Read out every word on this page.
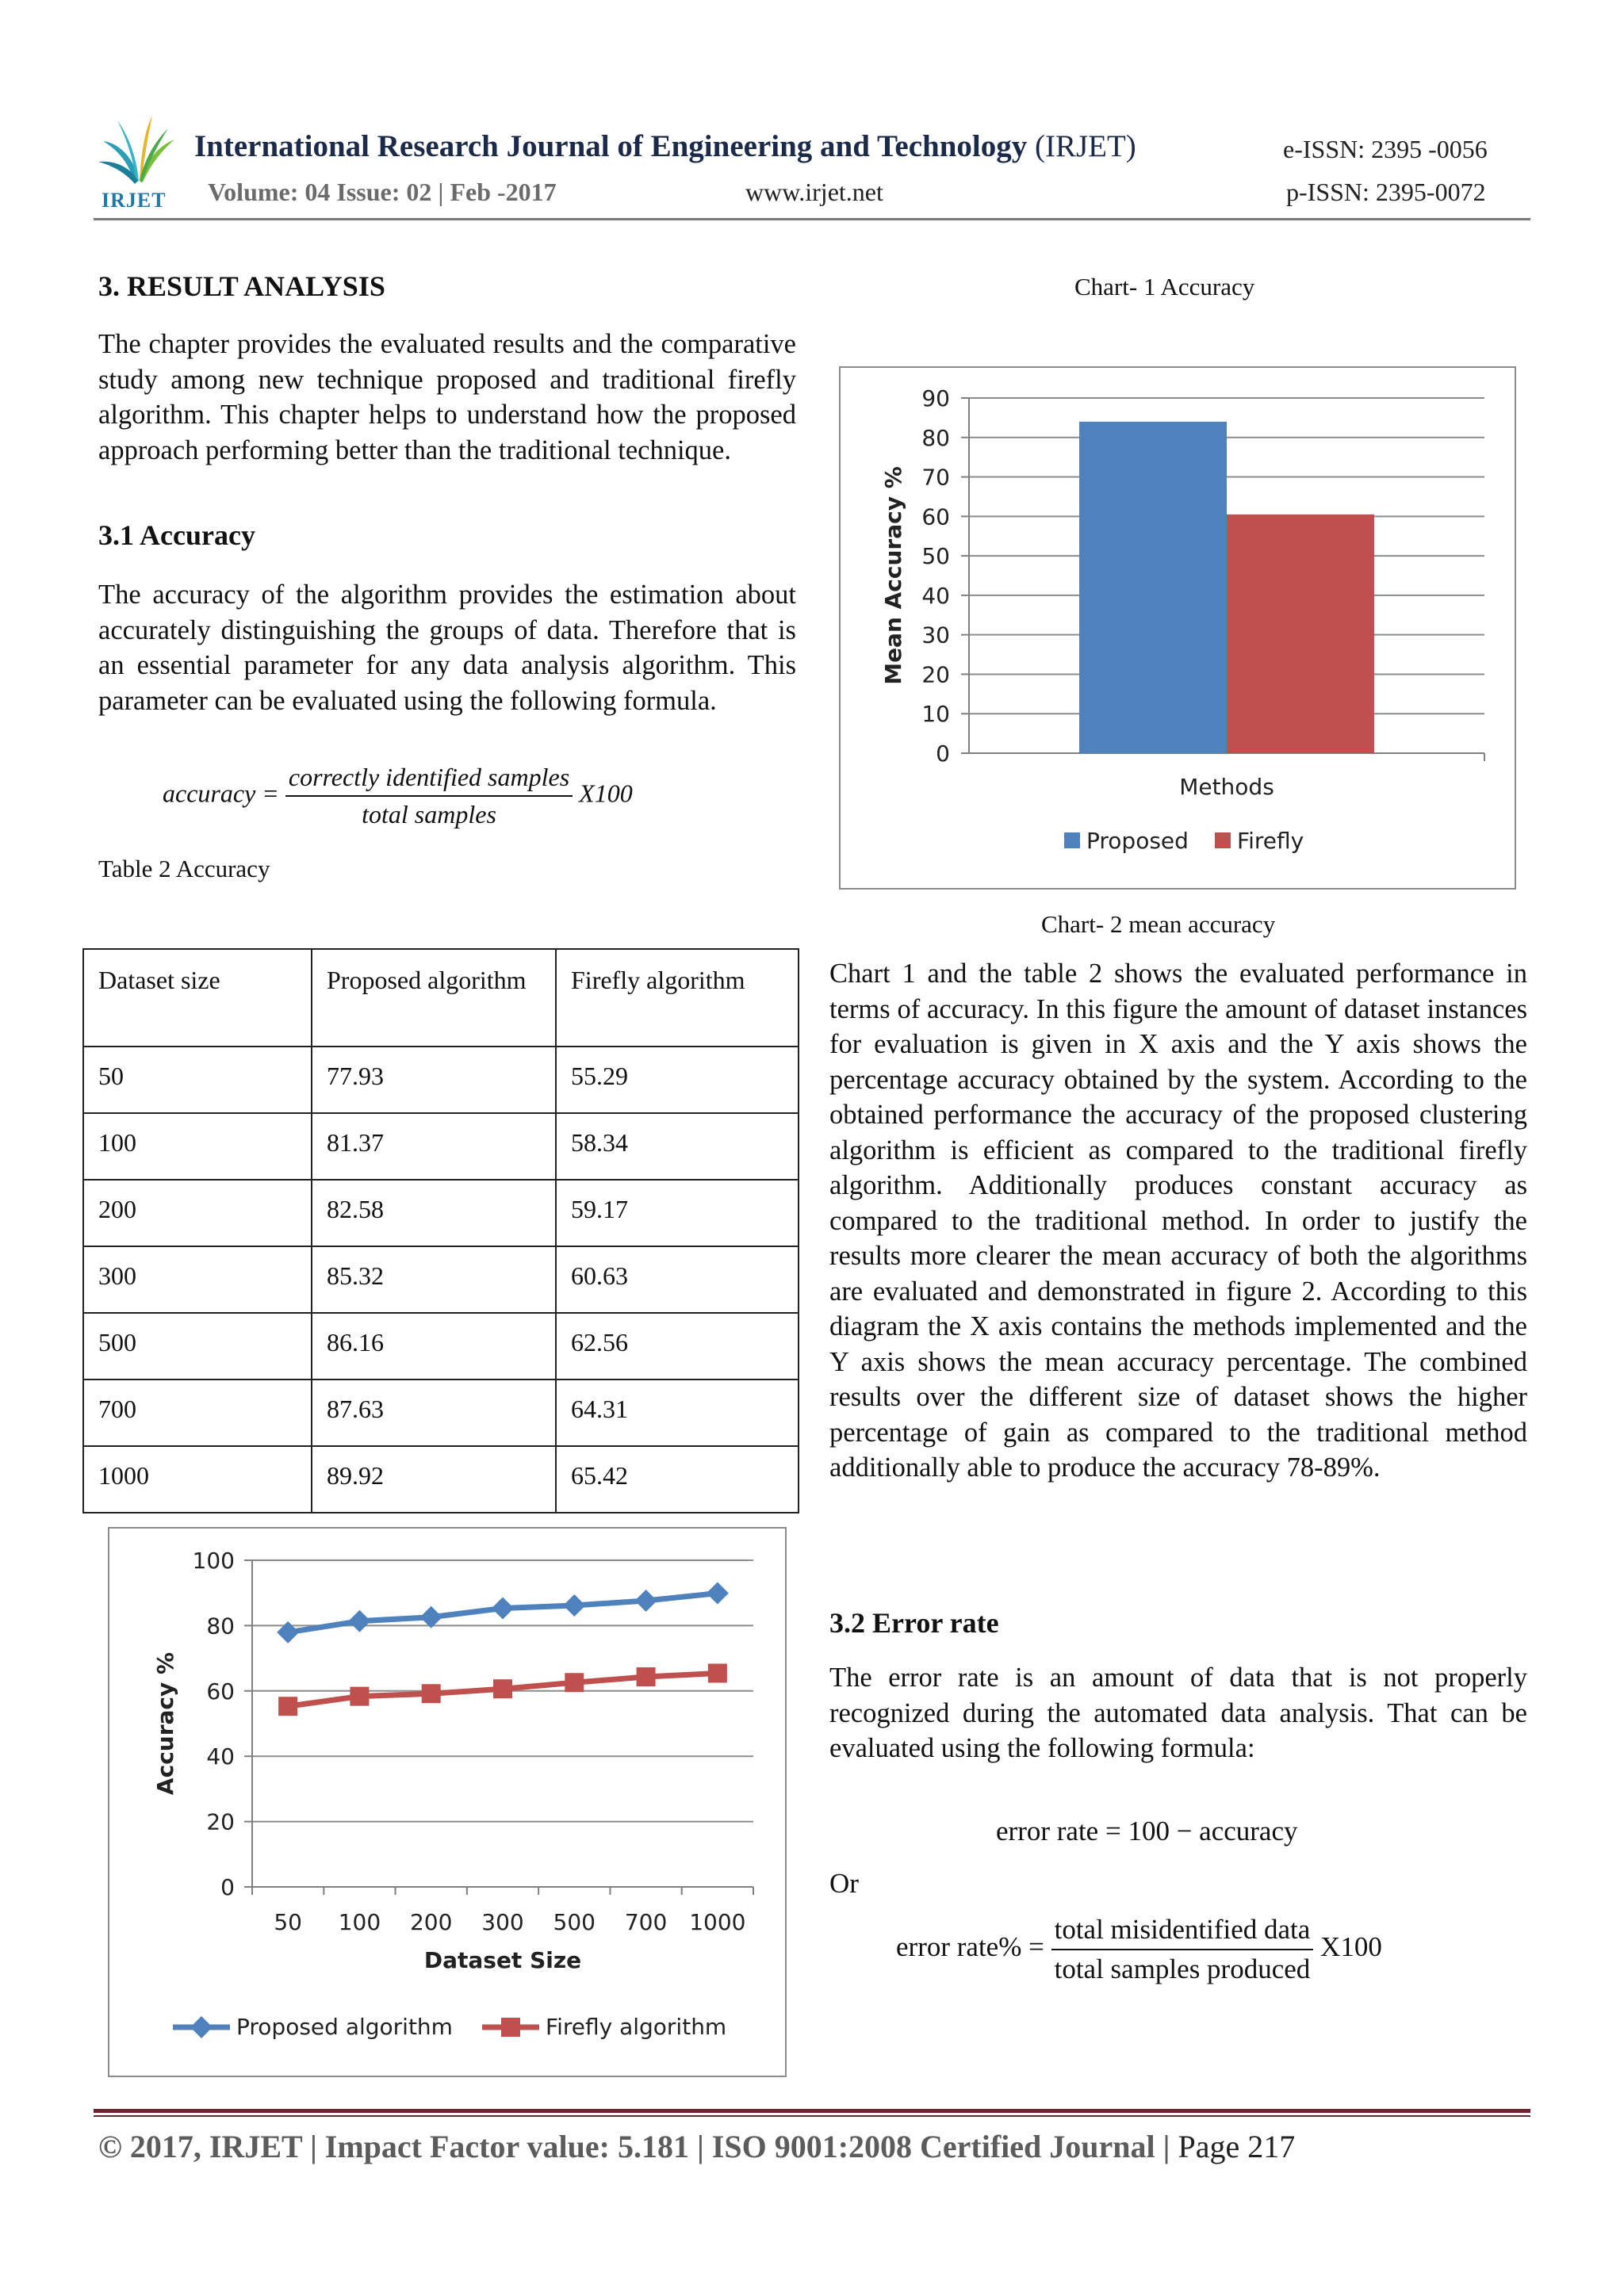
IRJET
International Research Journal of Engineering and Technology (IRJET)	e-ISSN: 2395 -0056
Volume: 04 Issue: 02 | Feb -2017	www.irjet.net	p-ISSN: 2395-0072
3. RESULT ANALYSIS
The chapter provides the evaluated results and the comparative study among new technique proposed and traditional firefly algorithm. This chapter helps to understand how the proposed approach performing better than the traditional technique.
3.1 Accuracy
The accuracy of the algorithm provides the estimation about accurately distinguishing the groups of data. Therefore that is an essential parameter for any data analysis algorithm. This parameter can be evaluated using the following formula.
accuracy = $\frac{\text{correctly identified samples}}{\text{total samples}} X100$
Table 2 Accuracy
Dataset size	Proposed algorithm	Firefly algorithm
50	77.93	55.29
100	81.37	58.34
200	82.58	59.17
300	85.32	60.63
500	86.16	62.56
700	87.63	64.31
1000	89.92	65.42
0
20
40
60
80
100
50 100 200 300 500 700 1000
Dataset Size
Accuracy %
Proposed algorithm	Firefly algorithm
Chart- 1 Accuracy
0
10
20
30
40
50
60
70
80
90
Methods
Mean Accuracy %
Proposed Firefly
Chart- 2 mean accuracy
Chart 1 and the table 2 shows the evaluated performance in terms of accuracy. In this figure the amount of dataset instances for evaluation is given in X axis and the Y axis shows the percentage accuracy obtained by the system. According to the obtained performance the accuracy of the proposed clustering algorithm is efficient as compared to the traditional firefly algorithm. Additionally produces constant accuracy as compared to the traditional method. In order to justify the results more clearer the mean accuracy of both the algorithms are evaluated and demonstrated in figure 2. According to this diagram the X axis contains the methods implemented and the Y axis shows the mean accuracy percentage. The combined results over the different size of dataset shows the higher percentage of gain as compared to the traditional method additionally able to produce the accuracy 78-89%.
3.2 Error rate
The error rate is an amount of data that is not properly recognized during the automated data analysis. That can be evaluated using the following formula:
error rate = 100 − accuracy
Or
error rate% = $\frac{\text{total misidentified data}}{\text{total samples produced}} X100$
© 2017, IRJET | Impact Factor value: 5.181 | ISO 9001:2008 Certified Journal | Page 217
